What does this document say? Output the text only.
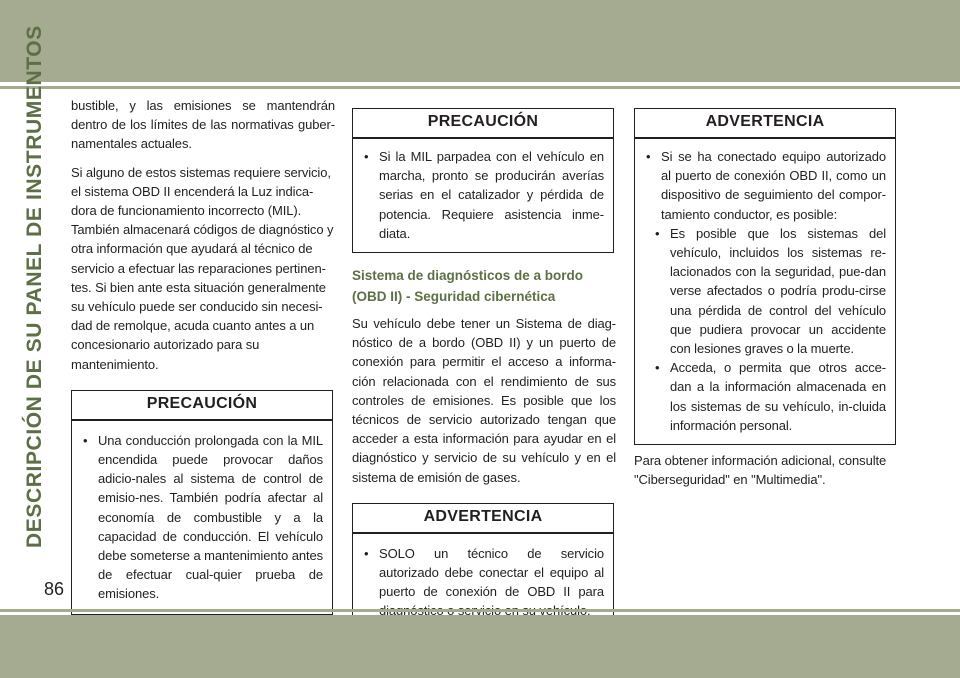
DESCRIPCIÓN DE SU PANEL DE INSTRUMENTOS bustible, y las emisiones se mantendrán dentro de los límites de las normativas guber-namentales actuales.

Si alguno de estos sistemas requiere servicio, el sistema OBD II encenderá la Luz indica-dora de funcionamiento incorrecto (MIL). También almacenará códigos de diagnóstico y otra información que ayudará al técnico de servicio a efectuar las reparaciones pertinen-tes. Si bien ante esta situación generalmente su vehículo puede ser conducido sin necesi-dad de remolque, acuda cuanto antes a un concesionario autorizado para su mantenimiento.

PRECAUCIÓN
• Una conducción prolongada con la MIL encendida puede provocar daños adicio-nales al sistema de control de emisio-nes. También podría afectar al economía de combustible y a la capacidad de conducción. El vehículo debe someterse a mantenimiento antes de efectuar cual-quier prueba de emisiones.
PRECAUCIÓN
• Si la MIL parpadea con el vehículo en marcha, pronto se producirán averías serias en el catalizador y pérdida de potencia. Requiere asistencia inme-diata.
Sistema de diagnósticos de a bordo (OBD II) - Seguridad cibernética

Su vehículo debe tener un Sistema de diag-nóstico de a bordo (OBD II) y un puerto de conexión para permitir el acceso a informa-ción relacionada con el rendimiento de sus controles de emisiones. Es posible que los técnicos de servicio autorizado tengan que acceder a esta información para ayudar en el diagnóstico y servicio de su vehículo y en el sistema de emisión de gases.

ADVERTENCIA
• SOLO un técnico de servicio autorizado debe conectar el equipo al puerto de conexión de OBD II para
ADVERTENCIA
• Si se ha conectado equipo autorizado al puerto de conexión OBD II, como un dispositivo de seguimiento del compor-tamiento conductor, es posible:
• Es posible que los sistemas del vehículo, incluidos los sistemas re-lacionados con la seguridad, pue-dan verse afectados o podría produ-cirse una pérdida de control del vehículo que pudiera provocar un accidente con lesiones graves o la muerte.
• Acceda, o permita que otros acce-dan a la información almacenada en los sistemas de su vehículo, in-cluida información personal.

Para obtener información adicional, consulte "Ciberseguridad" en "Multimedia".

86
